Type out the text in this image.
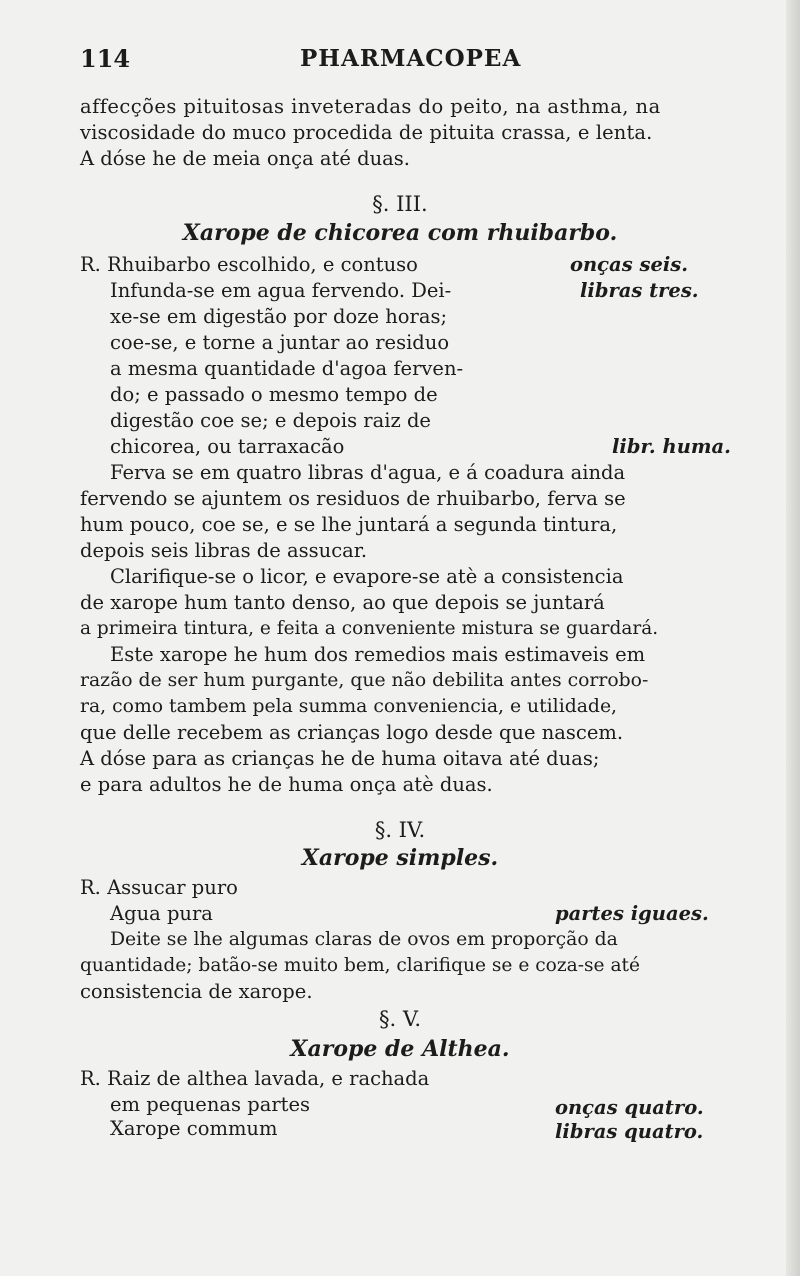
114	PHARMACOPEA
affecções pituitosas inveteradas do peito, na asthma, na
viscosidade do muco procedida de pituita crassa, e lenta.
A dóse he de meia onça até duas.
§. III.
Xarope de chicorea com rhuibarbo.
R. Rhuibarbo escolhido, e contuso
Infunda-se em agua fervendo. Dei-
xe-se em digestão por doze horas;
coe-se, e torne a juntar ao residuo
a mesma quantidade d'agoa ferven-
do; e passado o mesmo tempo de
digestão coe se; e depois raiz de
chicorea, ou tarraxacão
onças seis.
libras tres.
libr. huma.
Ferva se em quatro libras d'agua, e á coadura ainda
fervendo se ajuntem os residuos de rhuibarbo, ferva se
hum pouco, coe se, e se lhe juntará a segunda tintura,
depois seis libras de assucar.
Clarifique-se o licor, e evapore-se atè a consistencia
de xarope hum tanto denso, ao que depois se juntará
a primeira tintura, e feita a conveniente mistura se guardará.
Este xarope he hum dos remedios mais estimaveis em
razão de ser hum purgante, que não debilita antes corrobo-
ra, como tambem pela summa conveniencia, e utilidade,
que delle recebem as crianças logo desde que nascem.
A dóse para as crianças he de huma oitava até duas;
e para adultos he de huma onça atè duas.
§. IV.
Xarope simples.
R. Assucar puro
Agua pura	partes iguaes.
Deite se lhe algumas claras de ovos em proporção da
quantidade; batão-se muito bem, clarifique se e coza-se até
consistencia de xarope.
§. V.
Xarope de Althea.
R. Raiz de althea lavada, e rachada
em pequenas partes
Xarope commum
onças quatro.
libras quatro.
